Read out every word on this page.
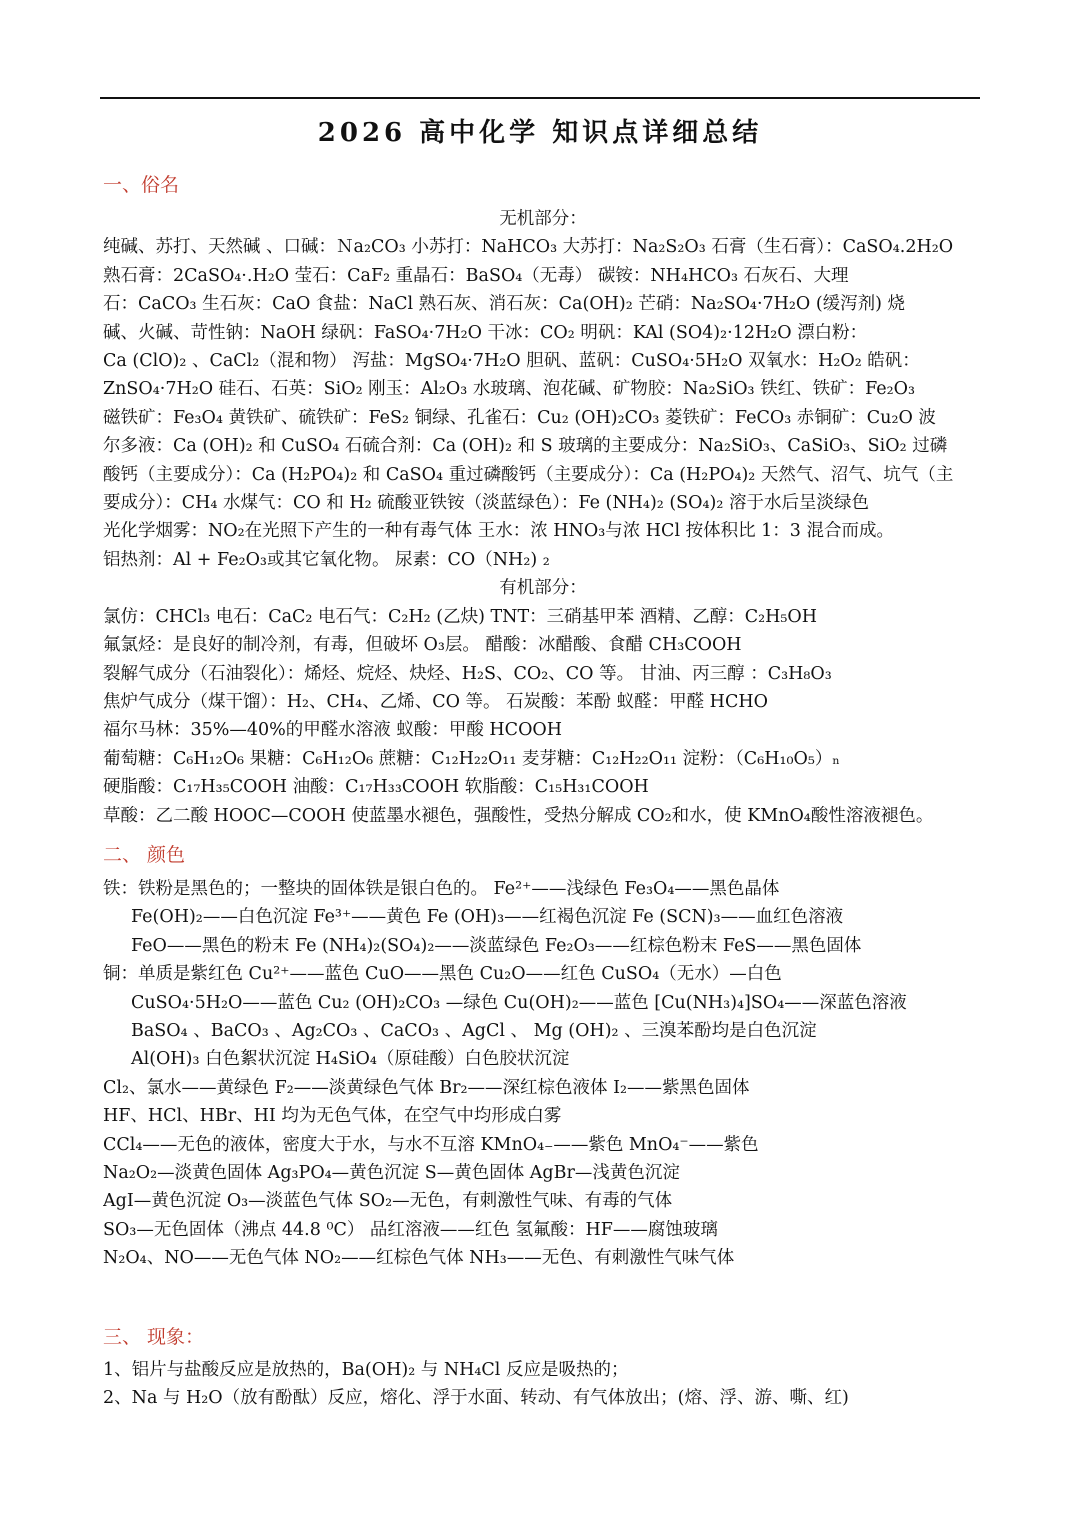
2026 高中化学 知识点详细总结
一、俗名

无机部分：

纯碱、苏打、天然碱 、口碱：Ｎa₂CO₃ 小苏打：NaHCO₃ 大苏打：Na₂S₂O₃ 石膏（生石膏）：CaSO₄.2H₂O

熟石膏：2CaSO₄·.H₂O 莹石：CaF₂ 重晶石：BaSO₄（无毒） 碳铵：NH₄HCO₃ 石灰石、大理

石：CaCO₃ 生石灰：CaO 食盐：NaCl 熟石灰、消石灰：Ca(OH)₂ 芒硝：Na₂SO₄·7H₂O (缓泻剂) 烧

碱、火碱、苛性钠：NaOH 绿矾：FaSO₄·7H₂O 干冰：CO₂ 明矾：KAl (SO4)₂·12H₂O 漂白粉：

Ca (ClO)₂ 、CaCl₂（混和物） 泻盐：MgSO₄·7H₂O 胆矾、蓝矾：CuSO₄·5H₂O 双氧水：H₂O₂ 皓矾：

ZnSO₄·7H₂O 硅石、石英：SiO₂ 刚玉：Al₂O₃ 水玻璃、泡花碱、矿物胶：Na₂SiO₃ 铁红、铁矿：Fe₂O₃

磁铁矿：Fe₃O₄ 黄铁矿、硫铁矿：FeS₂ 铜绿、孔雀石：Cu₂ (OH)₂CO₃ 菱铁矿：FeCO₃ 赤铜矿：Cu₂O 波

尔多液：Ca (OH)₂ 和 CuSO₄ 石硫合剂：Ca (OH)₂ 和 S 玻璃的主要成分：Na₂SiO₃、CaSiO₃、SiO₂ 过磷

酸钙（主要成分）：Ca (H₂PO₄)₂ 和 CaSO₄ 重过磷酸钙（主要成分）：Ca (H₂PO₄)₂ 天然气、沼气、坑气（主

要成分）：CH₄ 水煤气：CO 和 H₂ 硫酸亚铁铵（淡蓝绿色）：Fe (NH₄)₂ (SO₄)₂ 溶于水后呈淡绿色

光化学烟雾：NO₂在光照下产生的一种有毒气体 王水：浓 HNO₃与浓 HCl 按体积比 1：3 混合而成。

铝热剂：Al + Fe₂O₃或其它氧化物。 尿素：CO（NH₂) ₂

有机部分：

氯仿：CHCl₃ 电石：CaC₂ 电石气：C₂H₂ (乙炔) TNT：三硝基甲苯 酒精、乙醇：C₂H₅OH

氟氯烃：是良好的制冷剂，有毒，但破坏 O₃层。 醋酸：冰醋酸、食醋 CH₃COOH

裂解气成分（石油裂化）：烯烃、烷烃、炔烃、H₂S、CO₂、CO 等。 甘油、丙三醇 ：C₃H₈O₃

焦炉气成分（煤干馏）：H₂、CH₄、乙烯、CO 等。 石炭酸：苯酚 蚁醛：甲醛 HCHO

福尔马林：35%—40%的甲醛水溶液 蚁酸：甲酸 HCOOH

葡萄糖：C₆H₁₂O₆ 果糖：C₆H₁₂O₆ 蔗糖：C₁₂H₂₂O₁₁ 麦芽糖：C₁₂H₂₂O₁₁ 淀粉：（C₆H₁₀O₅）ₙ

硬脂酸：C₁₇H₃₅COOH 油酸：C₁₇H₃₃COOH 软脂酸：C₁₅H₃₁COOH

草酸：乙二酸 HOOC—COOH 使蓝墨水褪色，强酸性，受热分解成 CO₂和水，使 KMnO₄酸性溶液褪色。

二、 颜色

铁：铁粉是黑色的；一整块的固体铁是银白色的。 Fe²⁺——浅绿色 Fe₃O₄——黑色晶体

Fe(OH)₂——白色沉淀 Fe³⁺——黄色 Fe (OH)₃——红褐色沉淀 Fe (SCN)₃——血红色溶液

FeO——黑色的粉末 Fe (NH₄)₂(SO₄)₂——淡蓝绿色 Fe₂O₃——红棕色粉末 FeS——黑色固体

铜：单质是紫红色 Cu²⁺——蓝色 CuO——黑色 Cu₂O——红色 CuSO₄（无水）—白色

CuSO₄·5H₂O——蓝色 Cu₂ (OH)₂CO₃ —绿色 Cu(OH)₂——蓝色 [Cu(NH₃)₄]SO₄——深蓝色溶液

BaSO₄ 、BaCO₃ 、Ag₂CO₃ 、CaCO₃ 、AgCl 、 Mg (OH)₂ 、三溴苯酚均是白色沉淀

Al(OH)₃ 白色絮状沉淀 H₄SiO₄（原硅酸）白色胶状沉淀

Cl₂、氯水——黄绿色 F₂——淡黄绿色气体 Br₂——深红棕色液体 I₂——紫黑色固体

HF、HCl、HBr、HI 均为无色气体，在空气中均形成白雾

CCl₄——无色的液体，密度大于水，与水不互溶 KMnO₄₋——紫色 MnO₄⁻——紫色

Na₂O₂—淡黄色固体 Ag₃PO₄—黄色沉淀 S—黄色固体 AgBr—浅黄色沉淀

AgI—黄色沉淀 O₃—淡蓝色气体 SO₂—无色，有刺激性气味、有毒的气体

SO₃—无色固体（沸点 44.8 ⁰C） 品红溶液——红色 氢氟酸：HF——腐蚀玻璃

N₂O₄、NO——无色气体 NO₂——红棕色气体 NH₃——无色、有刺激性气味气体

三、 现象：

1、铝片与盐酸反应是放热的，Ba(OH)₂ 与 NH₄Cl 反应是吸热的；

2、Na 与 H₂O（放有酚酞）反应，熔化、浮于水面、转动、有气体放出；(熔、浮、游、嘶、红)
